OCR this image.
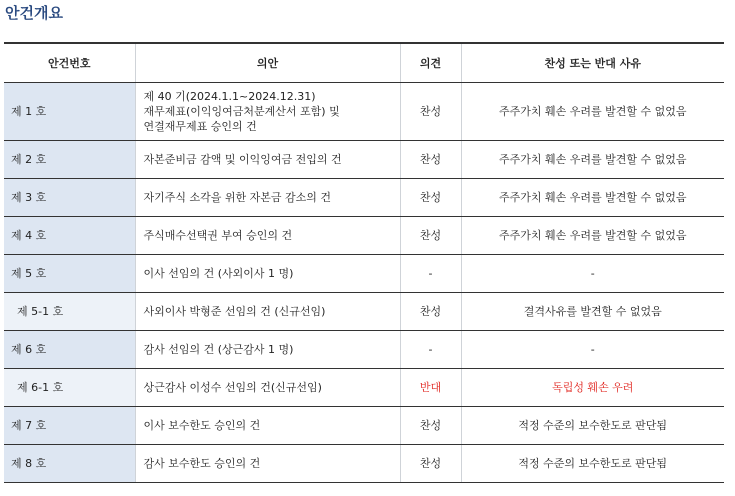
안건개요
안건번호	의안	의견	찬성 또는 반대 사유
제 1 호	제 40 기(2024.1.1~2024.12.31)
재무제표(이익잉여금처분계산서 포함) 및
연결재무제표 승인의 건	찬성	주주가치 훼손 우려를 발견할 수 없었음
제 2 호	자본준비금 감액 및 이익잉여금 전입의 건	찬성	주주가치 훼손 우려를 발견할 수 없었음
제 3 호	자기주식 소각을 위한 자본금 감소의 건	찬성	주주가치 훼손 우려를 발견할 수 없었음
제 4 호	주식매수선택권 부여 승인의 건	찬성	주주가치 훼손 우려를 발견할 수 없었음
제 5 호	이사 선임의 건 (사외이사 1 명)	-	-
제 5-1 호	사외이사 박형준 선임의 건 (신규선임)	찬성	결격사유를 발견할 수 없었음
제 6 호	감사 선임의 건 (상근감사 1 명)	-	-
제 6-1 호	상근감사 이성수 선임의 건(신규선임)	반대	독립성 훼손 우려
제 7 호	이사 보수한도 승인의 건	찬성	적정 수준의 보수한도로 판단됨
제 8 호	감사 보수한도 승인의 건	찬성	적정 수준의 보수한도로 판단됨
